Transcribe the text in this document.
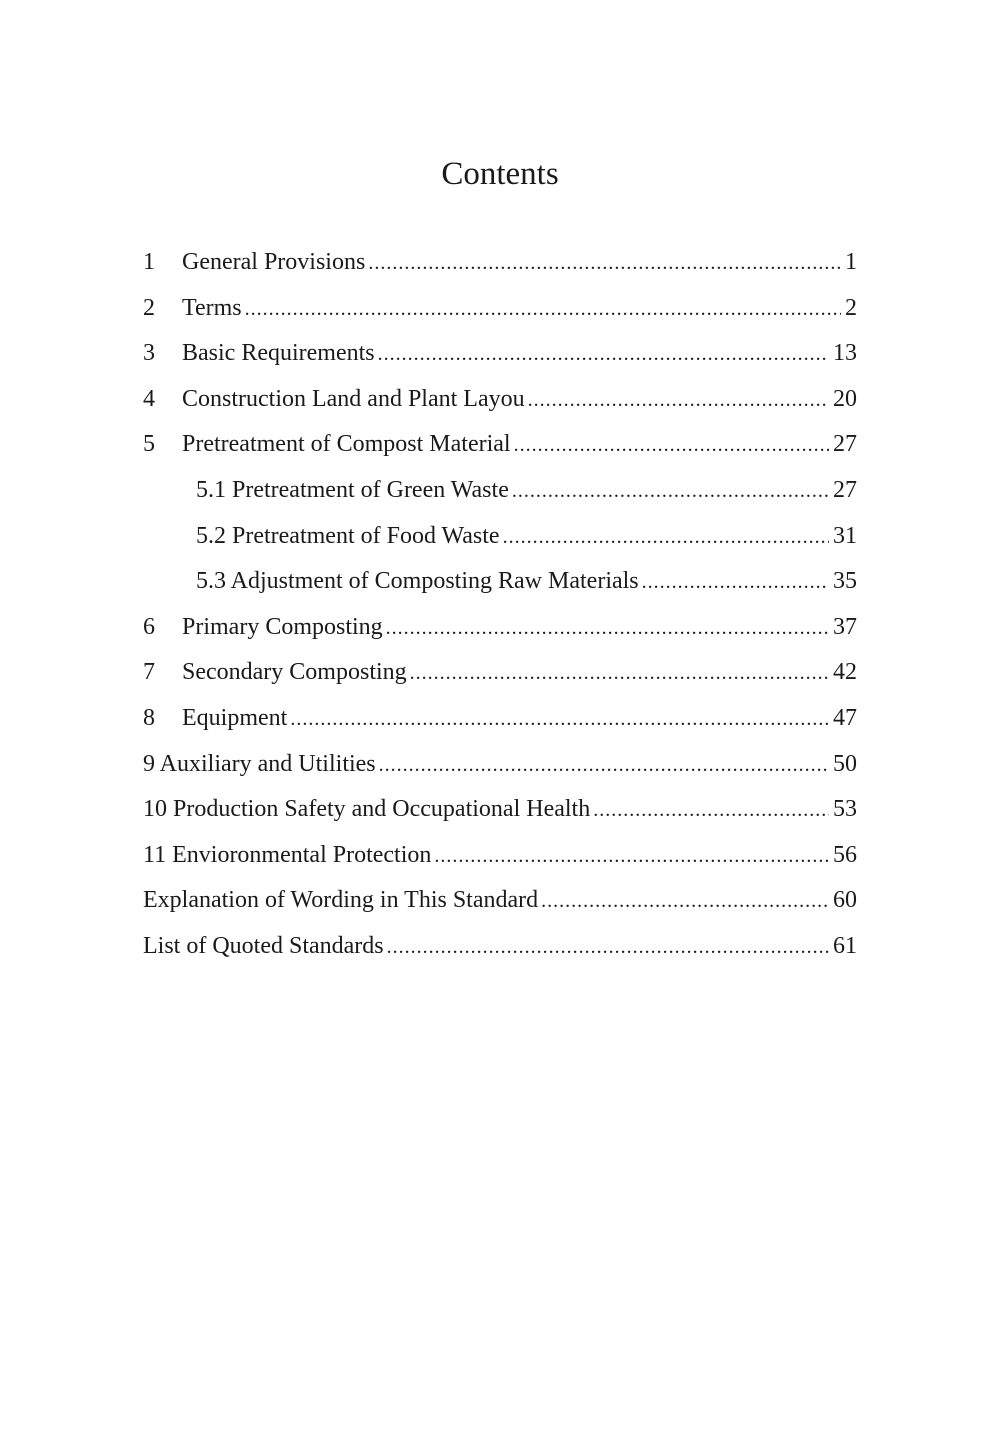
Contents
1	General Provisions .....	1
2	Terms .....	2
3	Basic Requirements .....	13
4	Construction Land and Plant Layou .....	20
5	Pretreatment of Compost Material .....	27
5.1 Pretreatment of Green Waste .....	27
5.2 Pretreatment of Food Waste .....	31
5.3 Adjustment of Composting Raw Materials .....	35
6	Primary Composting .....	37
7	Secondary Composting .....	42
8	Equipment .....	47
9 Auxiliary and Utilities .....	50
10 Production Safety and Occupational Health .....	53
11 Envioronmental Protection .....	56
Explanation of Wording in This Standard .....	60
List of Quoted Standards .....	61
